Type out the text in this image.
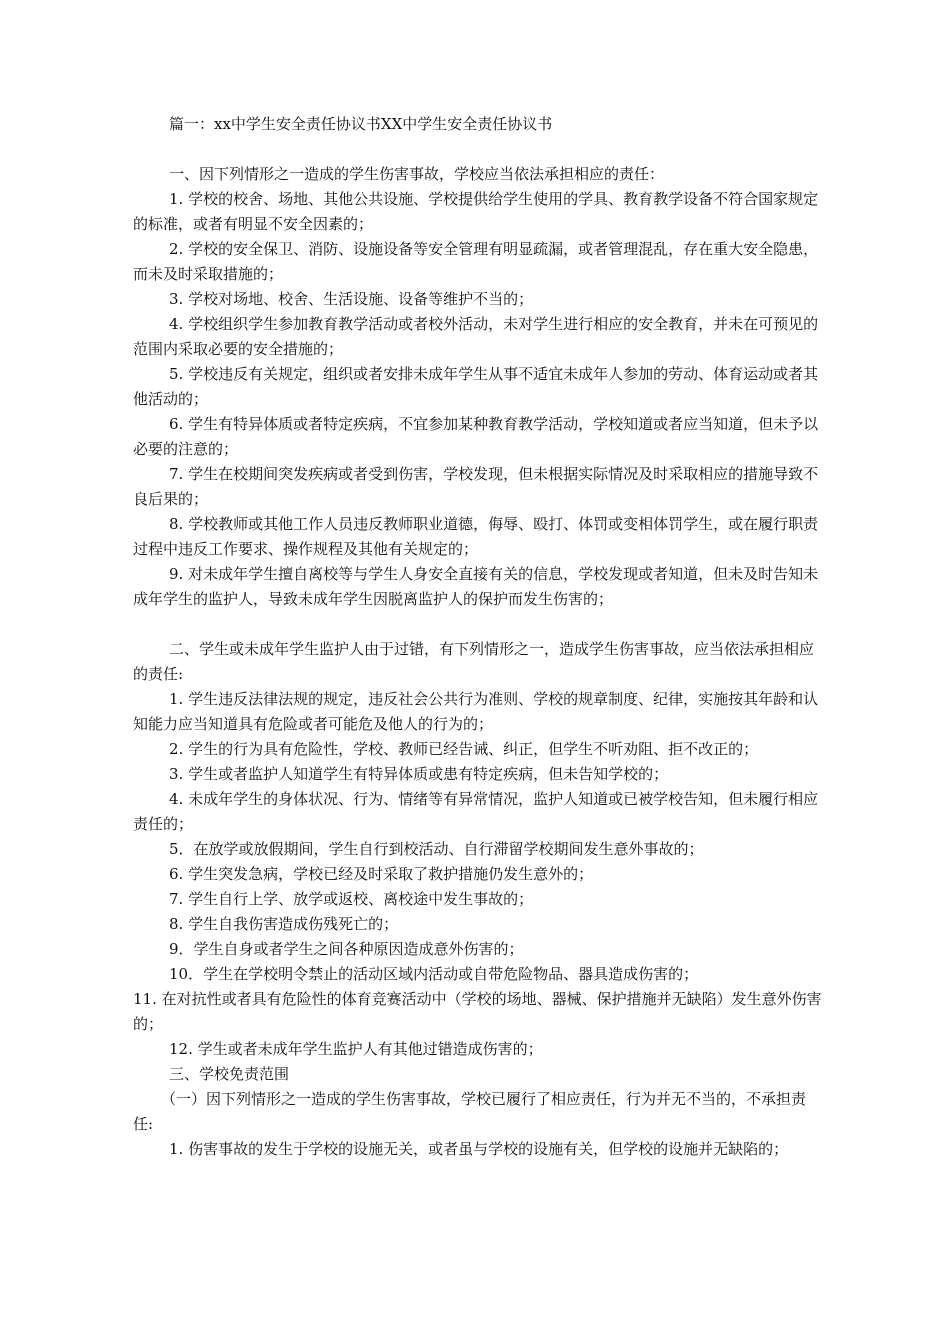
篇一：xx中学生安全责任协议书XX中学生安全责任协议书

一、因下列情形之一造成的学生伤害事故，学校应当依法承担相应的责任：

1. 学校的校舍、场地、其他公共设施、学校提供给学生使用的学具、教育教学设备不符合国家规定的标准，或者有明显不安全因素的；

2. 学校的安全保卫、消防、设施设备等安全管理有明显疏漏，或者管理混乱，存在重大安全隐患，而未及时采取措施的；

3. 学校对场地、校舍、生活设施、设备等维护不当的；

4. 学校组织学生参加教育教学活动或者校外活动，未对学生进行相应的安全教育，并未在可预见的范围内采取必要的安全措施的；

5. 学校违反有关规定，组织或者安排未成年学生从事不适宜未成年人参加的劳动、体育运动或者其他活动的；

6. 学生有特异体质或者特定疾病，不宜参加某种教育教学活动，学校知道或者应当知道，但未予以必要的注意的；

7. 学生在校期间突发疾病或者受到伤害，学校发现，但未根据实际情况及时采取相应的措施导致不良后果的；

8. 学校教师或其他工作人员违反教师职业道德，侮辱、殴打、体罚或变相体罚学生，或在履行职责过程中违反工作要求、操作规程及其他有关规定的；

9. 对未成年学生擅自离校等与学生人身安全直接有关的信息，学校发现或者知道，但未及时告知未成年学生的监护人，导致未成年学生因脱离监护人的保护而发生伤害的；

二、学生或未成年学生监护人由于过错，有下列情形之一，造成学生伤害事故，应当依法承担相应的责任:

1. 学生违反法律法规的规定，违反社会公共行为准则、学校的规章制度、纪律，实施按其年龄和认知能力应当知道具有危险或者可能危及他人的行为的；

2. 学生的行为具有危险性，学校、教师已经告诫、纠正，但学生不听劝阻、拒不改正的；

3. 学生或者监护人知道学生有特异体质或患有特定疾病，但未告知学校的；

4. 未成年学生的身体状况、行为、情绪等有异常情况，监护人知道或已被学校告知，但未履行相应责任的；

5．在放学或放假期间，学生自行到校活动、自行滞留学校期间发生意外事故的；

6. 学生突发急病，学校已经及时采取了救护措施仍发生意外的；

7. 学生自行上学、放学或返校、离校途中发生事故的；

8. 学生自我伤害造成伤残死亡的；

9．学生自身或者学生之间各种原因造成意外伤害的；

10．学生在学校明令禁止的活动区域内活动或自带危险物品、器具造成伤害的；

11. 在对抗性或者具有危险性的体育竞赛活动中（学校的场地、器械、保护措施并无缺陷）发生意外伤害的；

12. 学生或者未成年学生监护人有其他过错造成伤害的；

三、学校免责范围

（一）因下列情形之一造成的学生伤害事故，学校已履行了相应责任，行为并无不当的，不承担责任:

1. 伤害事故的发生于学校的设施无关，或者虽与学校的设施有关，但学校的设施并无缺陷的；
